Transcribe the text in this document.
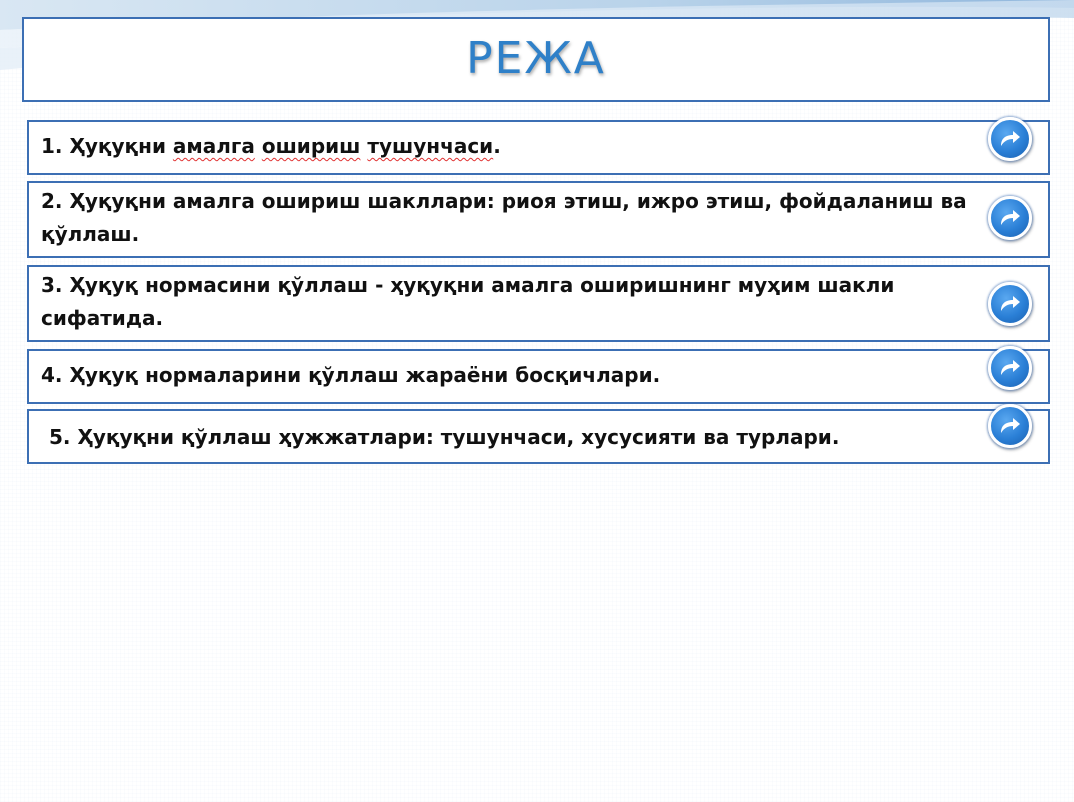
РЕЖА
1. Ҳуқуқни амалга ошириш тушунчаси.
2. Ҳуқуқни амалга ошириш шакллари: риоя этиш, ижро этиш, фойдаланиш ва қўллаш.
3. Ҳуқуқ нормасини қўллаш - ҳуқуқни амалга оширишнинг муҳим шакли сифатида.
4. Ҳуқуқ нормаларини қўллаш жараёни босқичлари.
5. Ҳуқуқни қўллаш ҳужжатлари: тушунчаси, хусусияти ва турлари.
